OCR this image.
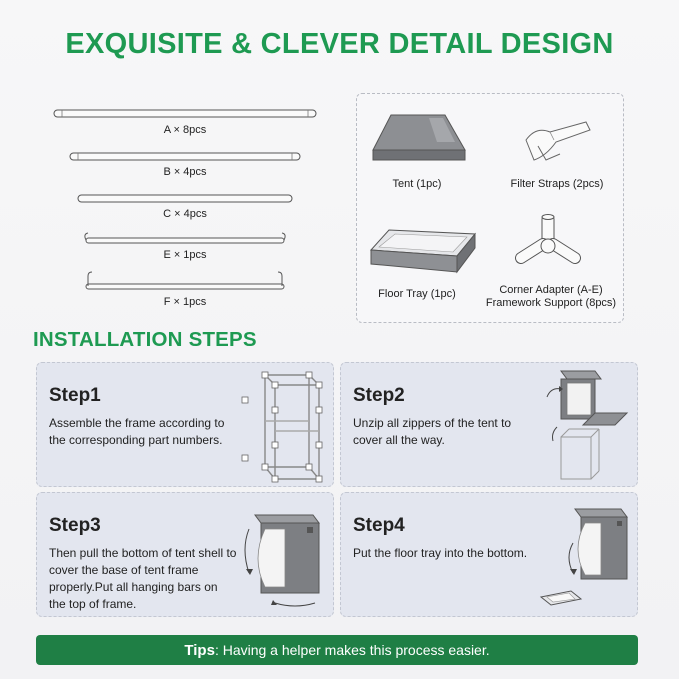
EXQUISITE & CLEVER DETAIL DESIGN
A × 8pcs
B × 4pcs
C × 4pcs
E × 1pcs
F × 1pcs
Tent (1pc)	Filter Straps (2pcs)
Floor Tray (1pc)	Corner Adapter (A-E)
Framework Support (8pcs)
INSTALLATION STEPS
Step1
Assemble the frame according to the corresponding part numbers.
Step2
Unzip all zippers of the tent to cover all the way.
Step3
Then pull the bottom of tent shell to cover the base of tent frame properly.Put all hanging bars on the top of frame.
Step4
Put the floor tray into the bottom.
Tips: Having a helper makes this process easier.
